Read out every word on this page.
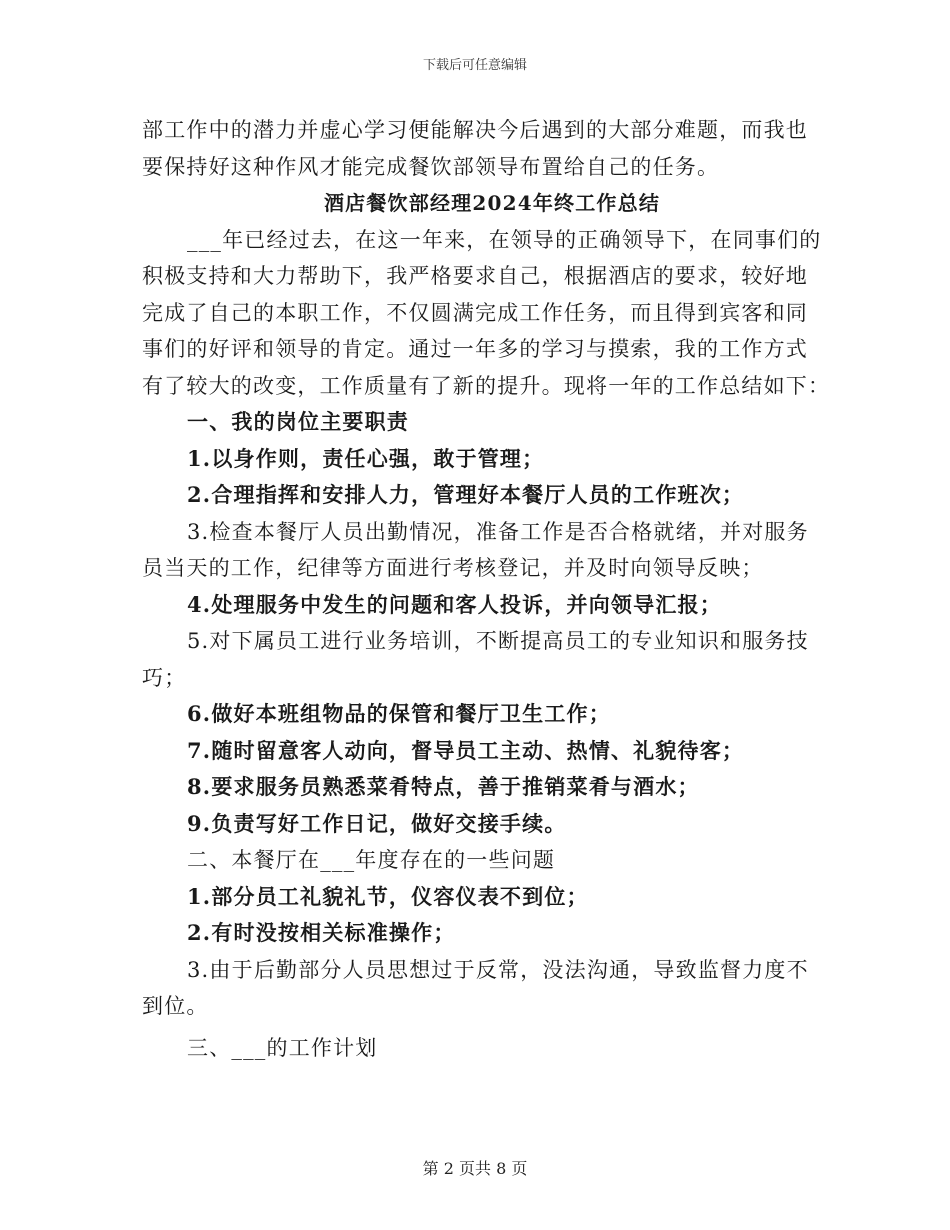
下载后可任意编辑
部工作中的潜力并虚心学习便能解决今后遇到的大部分难题，而我也
要保持好这种作风才能完成餐饮部领导布置给自己的任务。
酒店餐饮部经理2024年终工作总结
___年已经过去，在这一年来，在领导的正确领导下，在同事们的
积极支持和大力帮助下，我严格要求自己，根据酒店的要求，较好地
完成了自己的本职工作，不仅圆满完成工作任务，而且得到宾客和同
事们的好评和领导的肯定。通过一年多的学习与摸索，我的工作方式
有了较大的改变，工作质量有了新的提升。现将一年的工作总结如下：
一、我的岗位主要职责
1.以身作则，责任心强，敢于管理；
2.合理指挥和安排人力，管理好本餐厅人员的工作班次；
3.检查本餐厅人员出勤情况，准备工作是否合格就绪，并对服务
员当天的工作，纪律等方面进行考核登记，并及时向领导反映；
4.处理服务中发生的问题和客人投诉，并向领导汇报；
5.对下属员工进行业务培训，不断提高员工的专业知识和服务技
巧；
6.做好本班组物品的保管和餐厅卫生工作；
7.随时留意客人动向，督导员工主动、热情、礼貌待客；
8.要求服务员熟悉菜肴特点，善于推销菜肴与酒水；
9.负责写好工作日记，做好交接手续。
二、本餐厅在___年度存在的一些问题
1.部分员工礼貌礼节，仪容仪表不到位；
2.有时没按相关标准操作；
3.由于后勤部分人员思想过于反常，没法沟通，导致监督力度不
到位。
三、___的工作计划
第 2 页共 8 页
